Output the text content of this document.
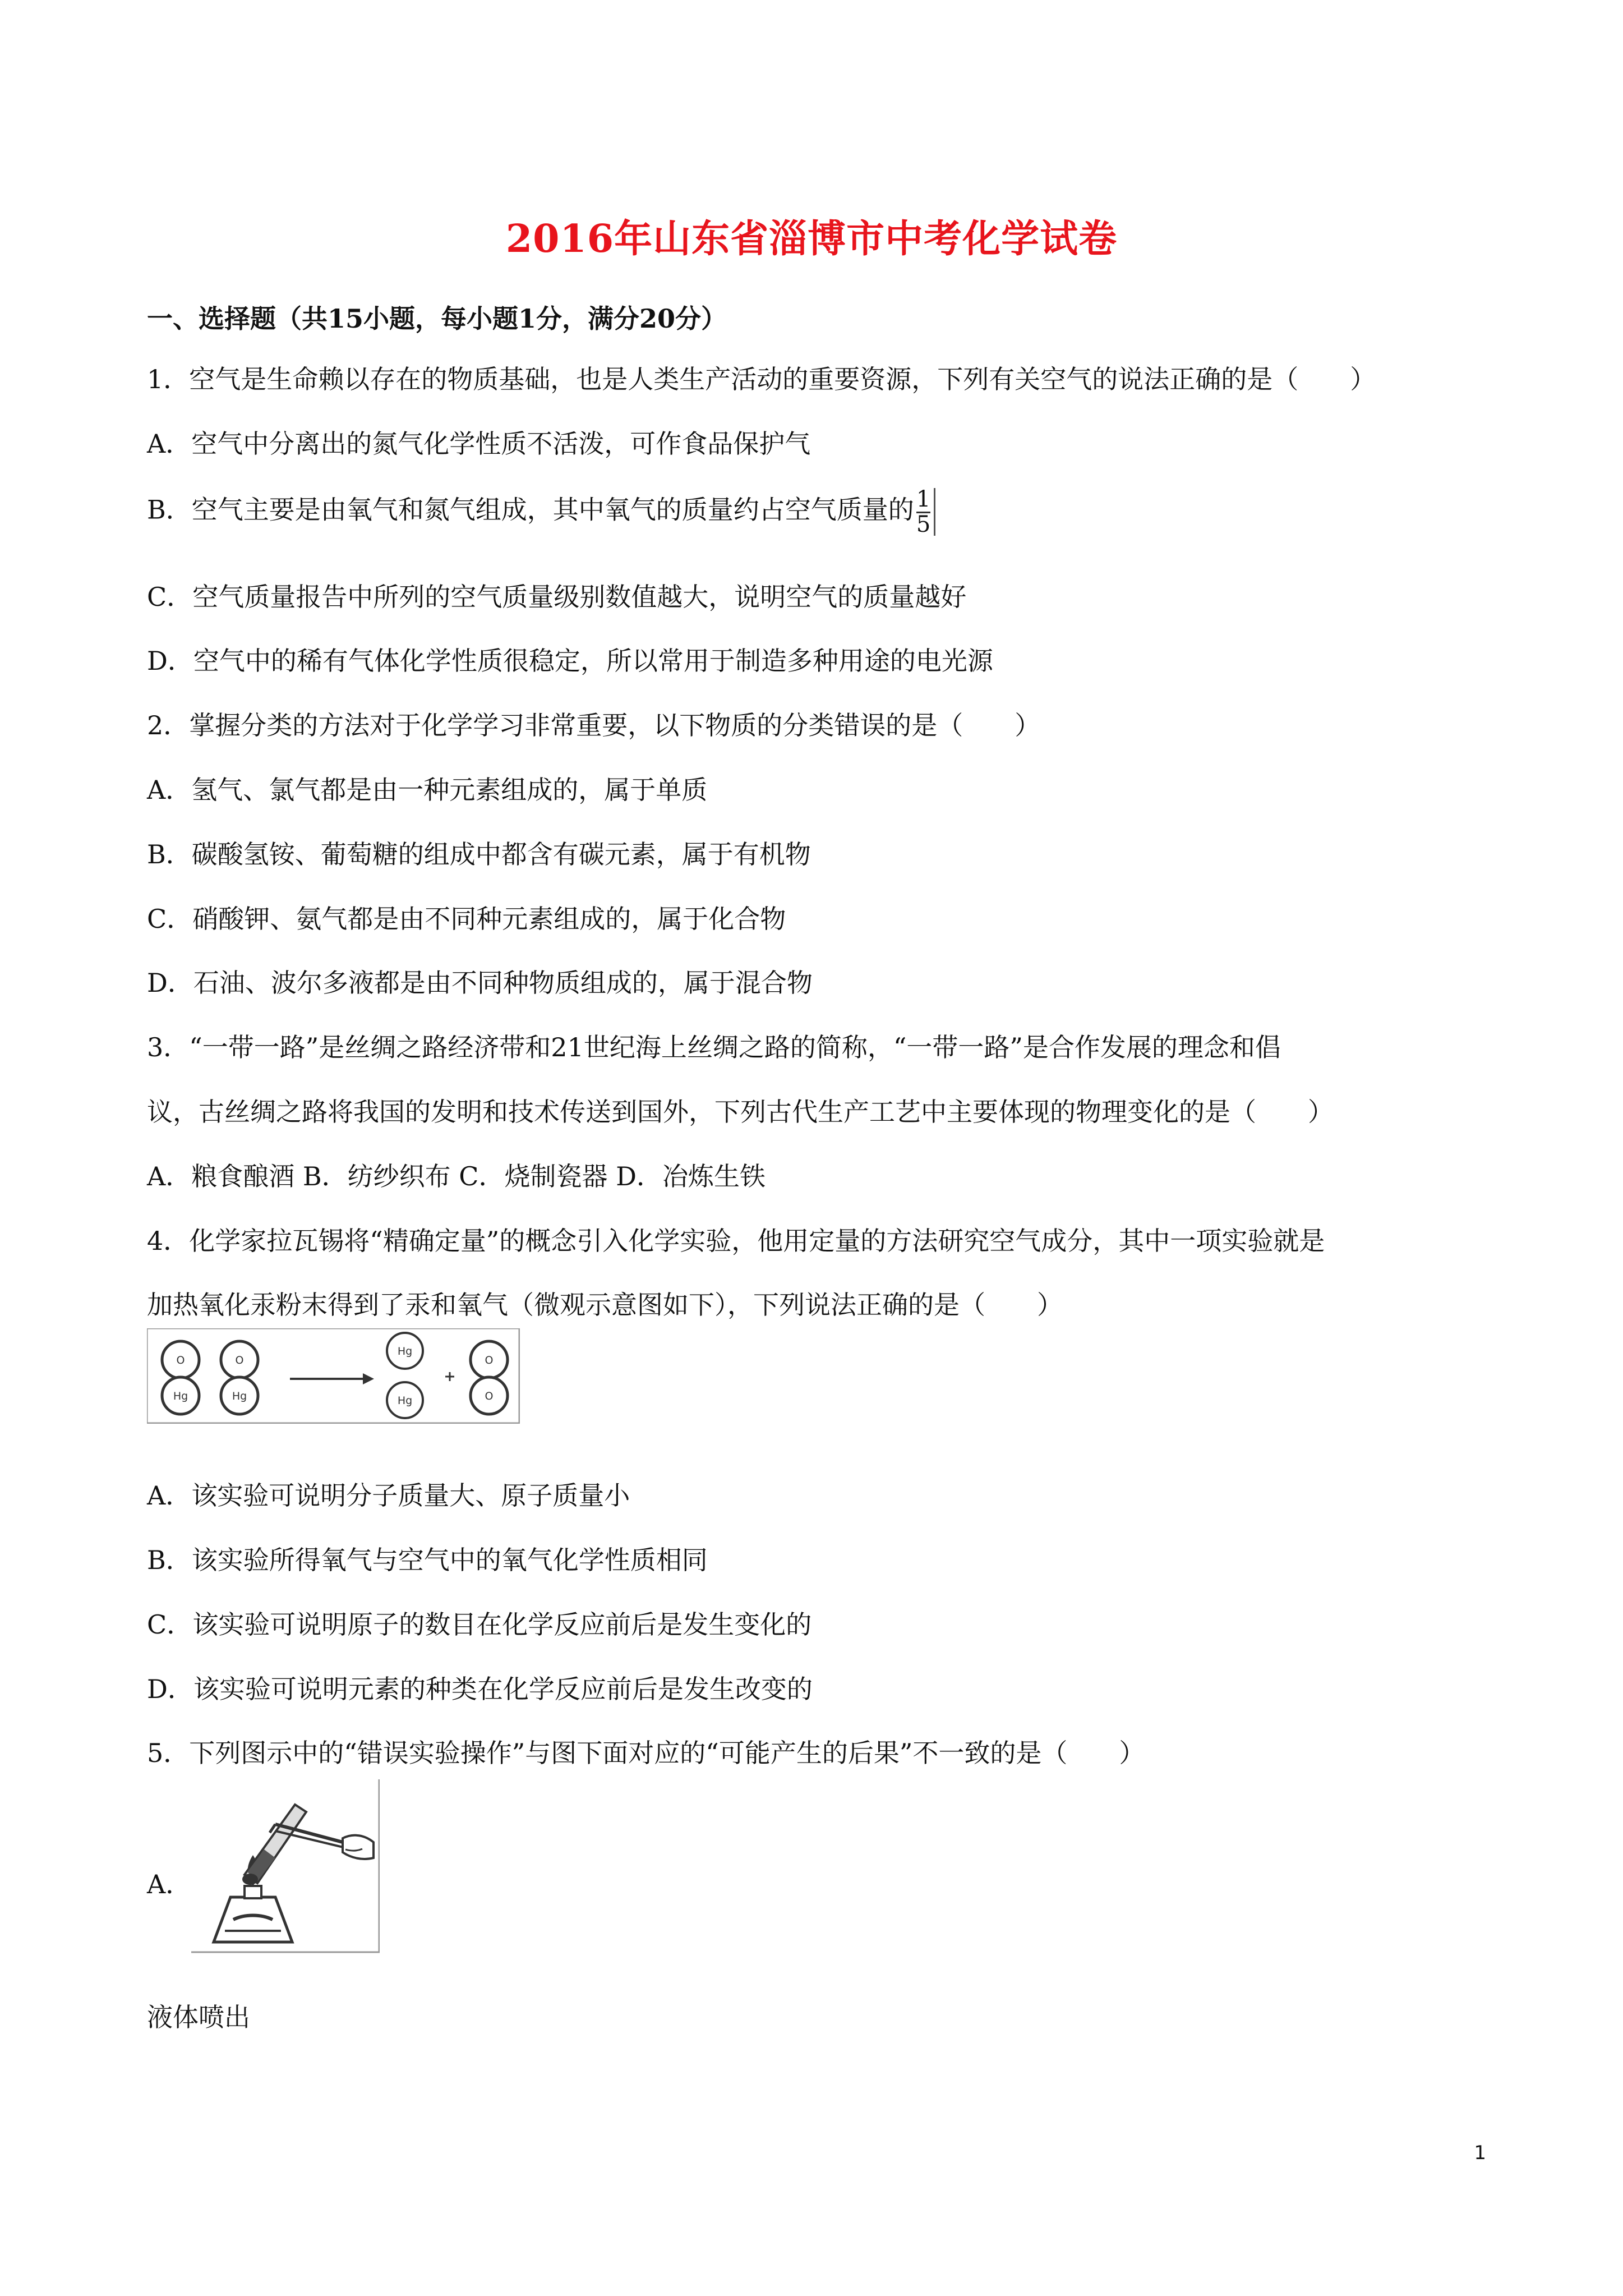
2016年山东省淄博市中考化学试卷
一、选择题（共15小题，每小题1分，满分20分）
1．空气是生命赖以存在的物质基础，也是人类生产活动的重要资源，下列有关空气的说法正确的是（　　）
A．空气中分离出的氮气化学性质不活泼，可作食品保护气
B．空气主要是由氧气和氮气组成，其中氧气的质量约占空气质量的 $\frac{1}{5}$
C．空气质量报告中所列的空气质量级别数值越大，说明空气的质量越好
D．空气中的稀有气体化学性质很稳定，所以常用于制造多种用途的电光源
2．掌握分类的方法对于化学学习非常重要，以下物质的分类错误的是（　　）
A．氢气、氯气都是由一种元素组成的，属于单质
B．碳酸氢铵、葡萄糖的组成中都含有碳元素，属于有机物
C．硝酸钾、氨气都是由不同种元素组成的，属于化合物
D．石油、波尔多液都是由不同种物质组成的，属于混合物
3．“一带一路”是丝绸之路经济带和21世纪海上丝绸之路的简称，“一带一路”是合作发展的理念和倡
议，古丝绸之路将我国的发明和技术传送到国外，下列古代生产工艺中主要体现的物理变化的是（　　）
A．粮食酿酒 B．纺纱织布 C．烧制瓷器 D．冶炼生铁
4．化学家拉瓦锡将“精确定量”的概念引入化学实验，他用定量的方法研究空气成分，其中一项实验就是
加热氧化汞粉末得到了汞和氧气（微观示意图如下），下列说法正确的是（　　）
O
Hg
O
Hg
Hg
Hg
O
O
A．该实验可说明分子质量大、原子质量小
B．该实验所得氧气与空气中的氧气化学性质相同
C．该实验可说明原子的数目在化学反应前后是发生变化的
D．该实验可说明元素的种类在化学反应前后是发生改变的
5．下列图示中的“错误实验操作”与图下面对应的“可能产生的后果”不一致的是（　　）
A．
液体喷出
1
